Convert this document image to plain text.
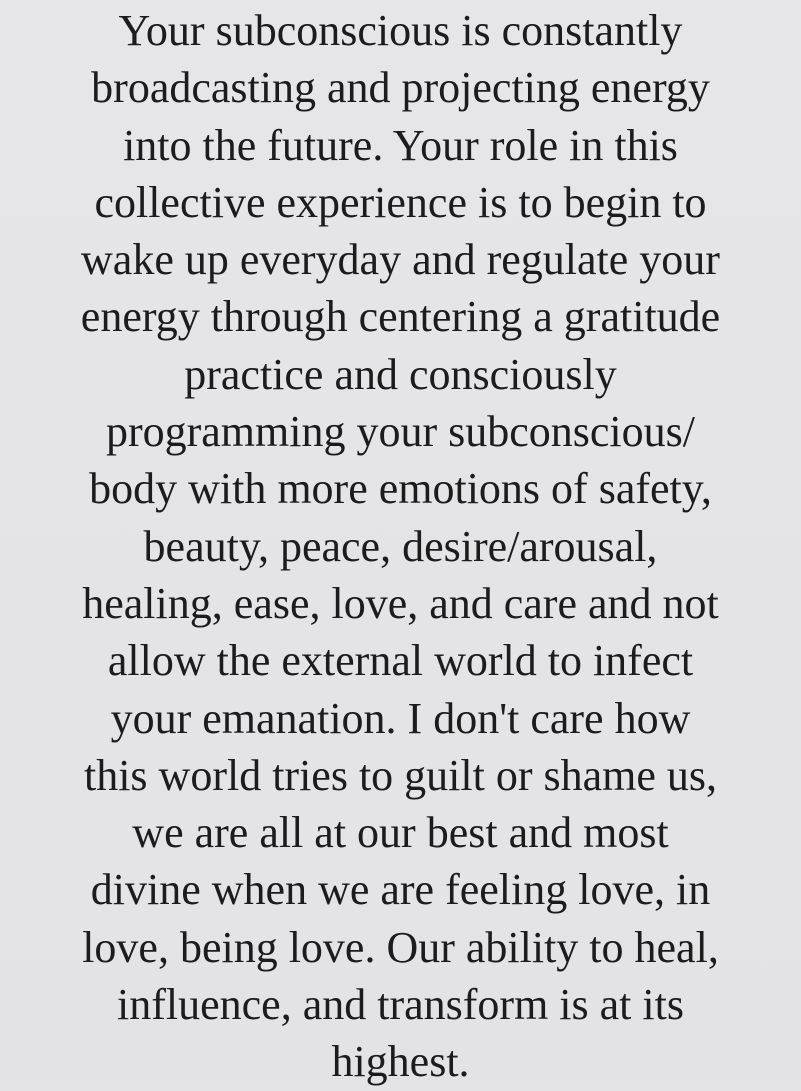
Your subconscious is constantly
broadcasting and projecting energy
into the future. Your role in this
collective experience is to begin to
wake up everyday and regulate your
energy through centering a gratitude
practice and consciously
programming your subconscious/
body with more emotions of safety,
beauty, peace, desire/arousal,
healing, ease, love, and care and not
allow the external world to infect
your emanation. I don't care how
this world tries to guilt or shame us,
we are all at our best and most
divine when we are feeling love, in
love, being love. Our ability to heal,
influence, and transform is at its
highest.
